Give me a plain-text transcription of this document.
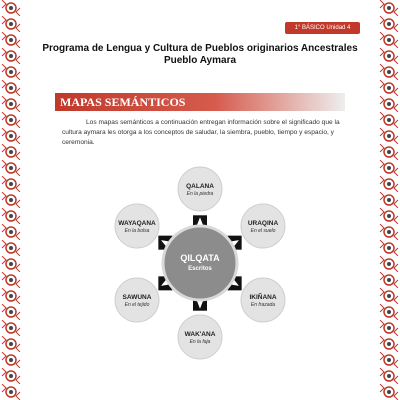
1° BÁSICO Unidad 4
Programa de Lengua y Cultura de Pueblos originarios Ancestrales
Pueblo Aymara
MAPAS SEMÁNTICOS
Los mapas semánticos a continuación entregan información sobre el significado que la cultura aymara les otorga a los conceptos de saludar, la siembra, pueblo, tiempo y espacio, y ceremonia.
QILQATA
Escritos
QALANA
En la piedra
URAQINA
En el suelo
IKIÑANA
En frazada
WAK'ANA
En la faja
SAWUNA
En el tejido
WAYAQANA
En la bolsa
